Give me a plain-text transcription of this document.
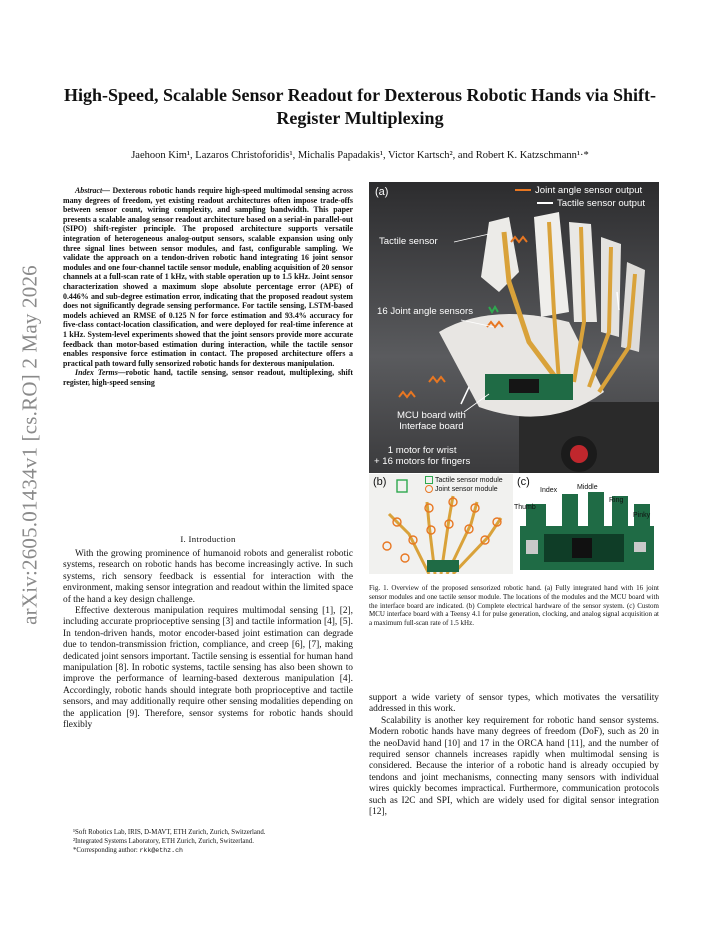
arXiv:2605.01434v1 [cs.RO] 2 May 2026
High-Speed, Scalable Sensor Readout for Dexterous Robotic Hands via Shift-Register Multiplexing
Jaehoon Kim¹, Lazaros Christoforidis¹, Michalis Papadakis¹, Victor Kartsch², and Robert K. Katzschmann¹·*

Abstract— Dexterous robotic hands require high-speed multimodal sensing across many degrees of freedom, yet existing readout architectures often impose trade-offs between sensor count, wiring complexity, and sampling bandwidth. This paper presents a scalable analog sensor readout architecture based on a serial-in parallel-out (SIPO) shift-register principle. The proposed architecture supports versatile integration of heterogeneous analog-output sensors, scalable expansion using only three signal lines between sensor modules, and fast, configurable sampling. We validate the approach on a tendon-driven robotic hand integrating 16 joint sensor modules and one four-channel tactile sensor module, enabling acquisition of 20 sensor channels at a full-scan rate of 1 kHz, with stable operation up to 1.5 kHz. Joint sensor characterization showed a maximum slope absolute percentage error (APE) of 0.446% and sub-degree estimation error, indicating that the proposed readout system does not significantly degrade sensing performance. For tactile sensing, LSTM-based models achieved an RMSE of 0.125 N for force estimation and 93.4% accuracy for five-class contact-location classification, and were deployed for real-time inference at 1 kHz. System-level experiments showed that the joint sensors provide more accurate feedback than motor-based estimation during interaction, while the tactile sensor enables responsive force estimation in contact. The proposed architecture offers a practical path toward fully sensorized robotic hands for dexterous manipulation.

Index Terms—robotic hand, tactile sensing, sensor readout, multiplexing, shift register, high-speed sensing

I. Introduction

With the growing prominence of humanoid robots and generalist robotic systems, research on robotic hands has become increasingly active. In such systems, rich sensory feedback is essential for interaction with the environment, making sensor integration and readout within the limited space of the hand a key design challenge.

Effective dexterous manipulation requires multimodal sensing [1], [2], including accurate proprioceptive sensing [3] and tactile information [4], [5]. In tendon-driven hands, motor encoder-based joint estimation can degrade due to tendon-transmission friction, compliance, and creep [6], [7], making dedicated joint sensors important. Tactile sensing is essential for human hand manipulation [8]. In robotic systems, tactile sensing has also been shown to improve the performance of learning-based dexterous manipulation [4]. Accordingly, robotic hands should integrate both proprioceptive and tactile sensors, and may additionally require other sensing modalities depending on the application [9]. Therefore, sensor systems for robotic hands should flexibly

¹Soft Robotics Lab, IRIS, D-MAVT, ETH Zurich, Zurich, Switzerland.
²Integrated Systems Laboratory, ETH Zurich, Zurich, Switzerland.
*Corresponding author: rkk@ethz.ch
(a)	Joint angle sensor output
Tactile sensor output
Tactile sensor
16 Joint angle sensors
MCU board with
Interface board
1 motor for wrist
+ 16 motors for fingers
(b)	Tactile sensor module
Joint sensor module
(c)
Index	Middle
Ring
Pinky
Thumb
Fig. 1. Overview of the proposed sensorized robotic hand. (a) Fully integrated hand with 16 joint sensor modules and one tactile sensor module. The locations of the modules and the MCU board with the interface board are indicated. (b) Complete electrical hardware of the sensor system. (c) Custom MCU interface board with a Teensy 4.1 for pulse generation, clocking, and analog signal acquisition at a maximum full-scan rate of 1.5 kHz.

support a wide variety of sensor types, which motivates the versatility addressed in this work.

Scalability is another key requirement for robotic hand sensor systems. Modern robotic hands have many degrees of freedom (DoF), such as 20 in the neoDavid hand [10] and 17 in the ORCA hand [11], and the number of required sensor channels increases rapidly when multimodal sensing is considered. Because the interior of a robotic hand is already occupied by tendons and joint mechanisms, connecting many sensors with individual wires quickly becomes impractical. Furthermore, communication protocols such as I2C and SPI, which are widely used for digital sensor integration [12],
